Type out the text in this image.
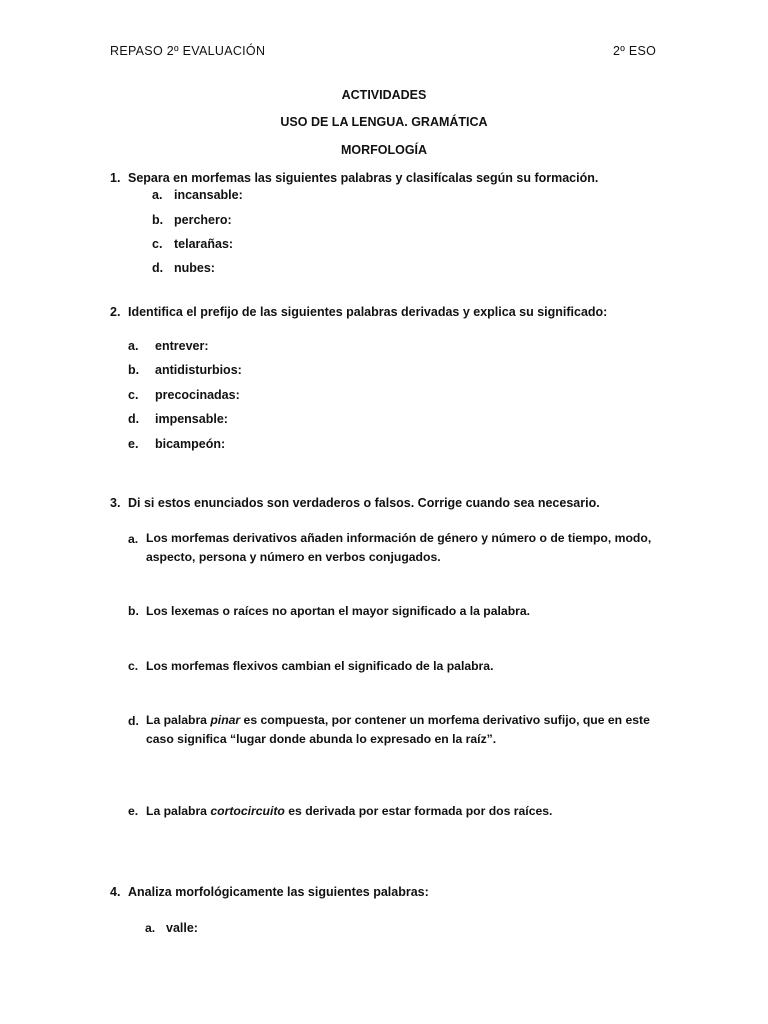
REPASO 2º EVALUACIÓN	2º ESO
ACTIVIDADES
USO DE LA LENGUA. GRAMÁTICA
MORFOLOGÍA
1. Separa en morfemas las siguientes palabras y clasifícalas según su formación.
a. incansable:
b. perchero:
c. telarañas:
d. nubes:
2. Identifica el prefijo de las siguientes palabras derivadas y explica su significado:
a. entrever:
b. antidisturbios:
c. precocinadas:
d. impensable:
e. bicampeón:
3. Di si estos enunciados son verdaderos o falsos. Corrige cuando sea necesario.
a. Los morfemas derivativos añaden información de género y número o de tiempo, modo, aspecto, persona y número en verbos conjugados.
b. Los lexemas o raíces no aportan el mayor significado a la palabra.
c. Los morfemas flexivos cambian el significado de la palabra.
d. La palabra pinar es compuesta, por contener un morfema derivativo sufijo, que en este caso significa “lugar donde abunda lo expresado en la raíz”.
e. La palabra cortocircuito es derivada por estar formada por dos raíces.
4. Analiza morfológicamente las siguientes palabras:
a. valle:
